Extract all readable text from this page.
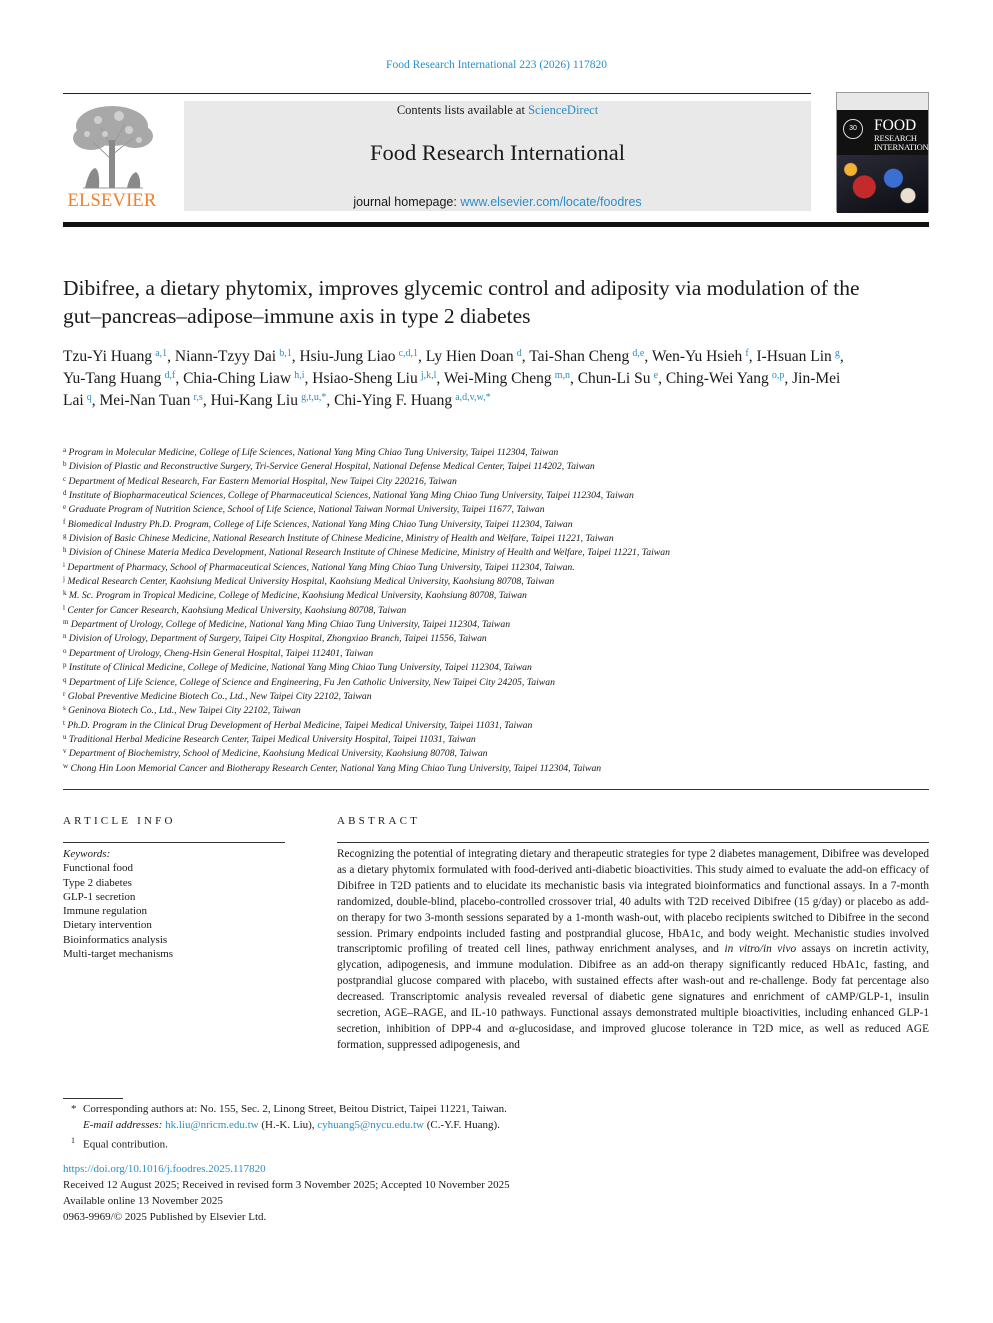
Food Research International 223 (2026) 117820
ELSEVIER
Contents lists available at ScienceDirect
Food Research International
journal homepage: www.elsevier.com/locate/foodres
30	FOOD
RESEARCH INTERNATIONAL
Dibifree, a dietary phytomix, improves glycemic control and adiposity via modulation of the gut–pancreas–adipose–immune axis in type 2 diabetes
Tzu-Yi Huang  $^{a,1}$, Niann-Tzyy Dai  $^{b,1}$, Hsiu-Jung Liao  $^{c,d,1}$, Ly Hien Doan  $^d$, Tai-Shan Cheng  $^{d,e}$, Wen-Yu Hsieh  $^f$, I-Hsuan Lin  $^g$, Yu-Tang Huang  $^{d,f}$, Chia-Ching Liaw  $^{h,i}$, Hsiao-Sheng Liu  $^{j,k,l}$, Wei-Ming Cheng  $^{m,n}$, Chun-Li Su  $^e$, Ching-Wei Yang  $^{o,p}$, Jin-Mei Lai  $^q$, Mei-Nan Tuan  $^{r,s}$, Hui-Kang Liu  $^{g,t,u,*}$, Chi-Ying F. Huang  $^{a,d,v,w,*}$
$^a$ Program in Molecular Medicine, College of Life Sciences, National Yang Ming Chiao Tung University, Taipei 112304, Taiwan
$^b$ Division of Plastic and Reconstructive Surgery, Tri-Service General Hospital, National Defense Medical Center, Taipei 114202, Taiwan
$^c$ Department of Medical Research, Far Eastern Memorial Hospital, New Taipei City 220216, Taiwan
$^d$ Institute of Biopharmaceutical Sciences, College of Pharmaceutical Sciences, National Yang Ming Chiao Tung University, Taipei 112304, Taiwan
$^e$ Graduate Program of Nutrition Science, School of Life Science, National Taiwan Normal University, Taipei 11677, Taiwan
$^f$ Biomedical Industry Ph.D. Program, College of Life Sciences, National Yang Ming Chiao Tung University, Taipei 112304, Taiwan
$^g$ Division of Basic Chinese Medicine, National Research Institute of Chinese Medicine, Ministry of Health and Welfare, Taipei 11221, Taiwan
$^h$ Division of Chinese Materia Medica Development, National Research Institute of Chinese Medicine, Ministry of Health and Welfare, Taipei 11221, Taiwan
$^i$ Department of Pharmacy, School of Pharmaceutical Sciences, National Yang Ming Chiao Tung University, Taipei 112304, Taiwan.
$^j$ Medical Research Center, Kaohsiung Medical University Hospital, Kaohsiung Medical University, Kaohsiung 80708, Taiwan
$^k$ M. Sc. Program in Tropical Medicine, College of Medicine, Kaohsiung Medical University, Kaohsiung 80708, Taiwan
$^l$ Center for Cancer Research, Kaohsiung Medical University, Kaohsiung 80708, Taiwan
$^m$ Department of Urology, College of Medicine, National Yang Ming Chiao Tung University, Taipei 112304, Taiwan
$^n$ Division of Urology, Department of Surgery, Taipei City Hospital, Zhongxiao Branch, Taipei 11556, Taiwan
$^o$ Department of Urology, Cheng-Hsin General Hospital, Taipei 112401, Taiwan
$^p$ Institute of Clinical Medicine, College of Medicine, National Yang Ming Chiao Tung University, Taipei 112304, Taiwan
$^q$ Department of Life Science, College of Science and Engineering, Fu Jen Catholic University, New Taipei City 24205, Taiwan
$^r$ Global Preventive Medicine Biotech Co., Ltd., New Taipei City 22102, Taiwan
$^s$ Geninova Biotech Co., Ltd., New Taipei City 22102, Taiwan
$^t$ Ph.D. Program in the Clinical Drug Development of Herbal Medicine, Taipei Medical University, Taipei 11031, Taiwan
$^u$ Traditional Herbal Medicine Research Center, Taipei Medical University Hospital, Taipei 11031, Taiwan
$^v$ Department of Biochemistry, School of Medicine, Kaohsiung Medical University, Kaohsiung 80708, Taiwan
$^w$ Chong Hin Loon Memorial Cancer and Biotherapy Research Center, National Yang Ming Chiao Tung University, Taipei 112304, Taiwan
ARTICLE INFO
Keywords:
Functional food
Type 2 diabetes
GLP-1 secretion
Immune regulation
Dietary intervention
Bioinformatics analysis
Multi-target mechanisms
ABSTRACT
Recognizing the potential of integrating dietary and therapeutic strategies for type 2 diabetes management, Dibifree was developed as a dietary phytomix formulated with food-derived anti-diabetic bioactivities. This study aimed to evaluate the add-on efficacy of Dibifree in T2D patients and to elucidate its mechanistic basis via integrated bioinformatics and functional assays. In a 7-month randomized, double-blind, placebo-controlled crossover trial, 40 adults with T2D received Dibifree (15 g/day) or placebo as add-on therapy for two 3-month sessions separated by a 1-month wash-out, with placebo recipients switched to Dibifree in the second session. Primary endpoints included fasting and postprandial glucose, HbA1c, and body weight. Mechanistic studies involved transcriptomic profiling of treated cell lines, pathway enrichment analyses, and in vitro/in vivo assays on incretin activity, glycation, adipogenesis, and immune modulation. Dibifree as an add-on therapy significantly reduced HbA1c, fasting, and postprandial glucose compared with placebo, with sustained effects after wash-out and re-challenge. Body fat percentage also decreased. Transcriptomic analysis revealed reversal of diabetic gene signatures and enrichment of cAMP/GLP-1, insulin secretion, AGE–RAGE, and IL-10 pathways. Functional assays demonstrated multiple bioactivities, including enhanced GLP-1 secretion, inhibition of DPP-4 and α-glucosidase, and improved glucose tolerance in T2D mice, as well as reduced AGE formation, suppressed adipogenesis, and
* Corresponding authors at: No. 155, Sec. 2, Linong Street, Beitou District, Taipei 11221, Taiwan.
E-mail addresses: hk.liu@nricm.edu.tw (H.-K. Liu), cyhuang5@nycu.edu.tw (C.-Y.F. Huang).
$^1$ Equal contribution.
https://doi.org/10.1016/j.foodres.2025.117820
Received 12 August 2025; Received in revised form 3 November 2025; Accepted 10 November 2025
Available online 13 November 2025
0963-9969/© 2025 Published by Elsevier Ltd.
